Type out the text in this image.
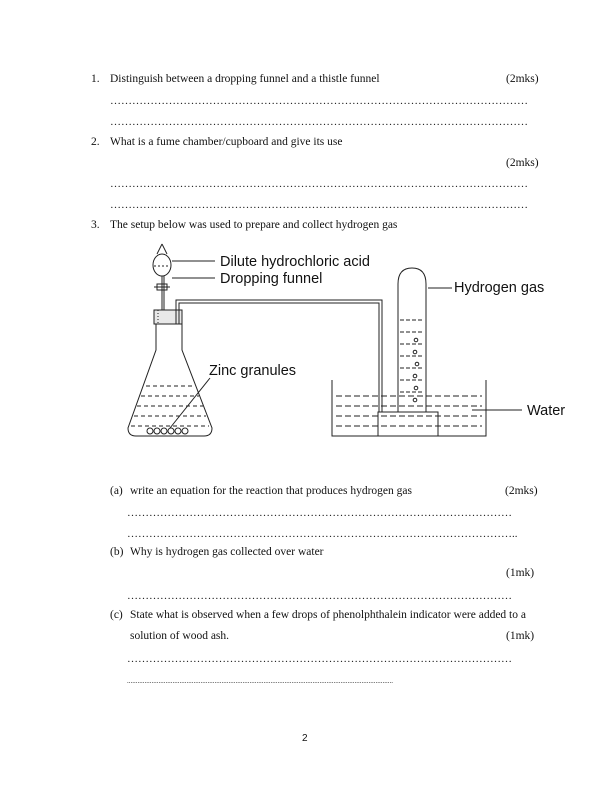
1. Distinguish between a dropping funnel and a thistle funnel	(2mks)
……………………………………………………………………………………………………
……………………………………………………………………………………………………
2. What is a fume chamber/cupboard and give its use
(2mks)
……………………………………………………………………………………………………
……………………………………………………………………………………………………
3. The setup below was used to prepare and collect hydrogen gas
Dilute hydrochloric acid
Dropping funnel
Hydrogen gas
Zinc granules
Water
(a) write an equation for the reaction that produces hydrogen gas	(2mks)
……………………………………………………………………………………………
……………………………………………………………………………………………..
(b) Why is hydrogen gas collected over water
(1mk)
……………………………………………………………………………………………
(c) State what is observed when a few drops of phenolphthalein indicator were added to a
solution of wood ash.	(1mk)
……………………………………………………………………………………………
........................................................................................................................................................
2
